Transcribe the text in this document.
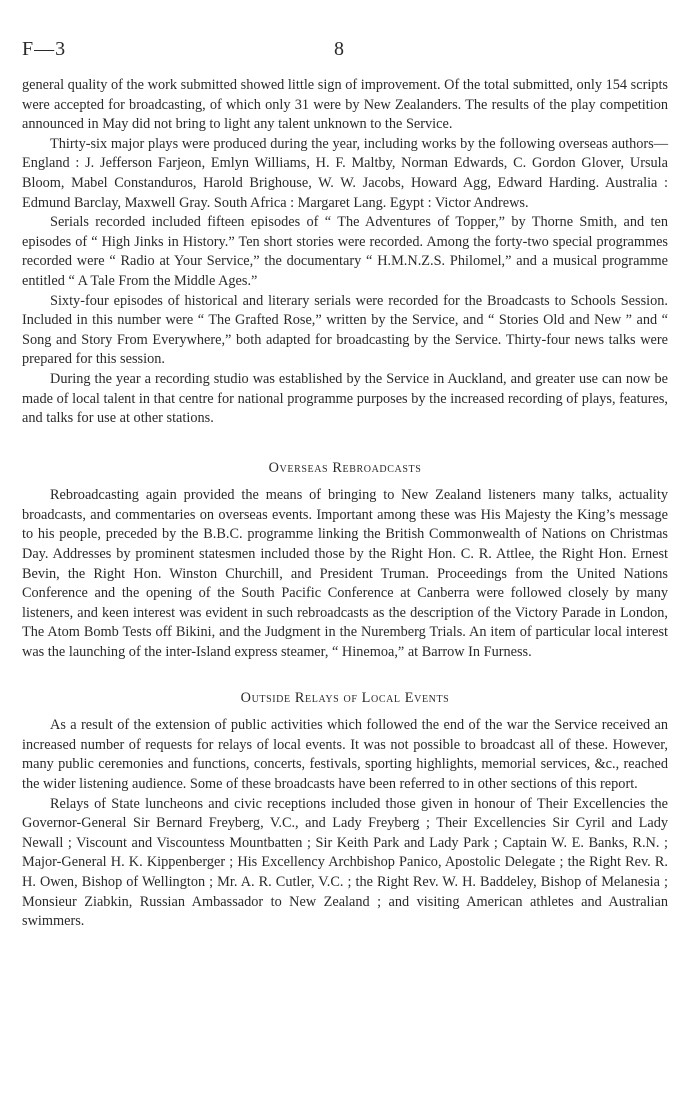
F—3	8

general quality of the work submitted showed little sign of improvement. Of the total submitted, only 154 scripts were accepted for broadcasting, of which only 31 were by New Zealanders. The results of the play competition announced in May did not bring to light any talent unknown to the Service.

Thirty-six major plays were produced during the year, including works by the following overseas authors—England : J. Jefferson Farjeon, Emlyn Williams, H. F. Maltby, Norman Edwards, C. Gordon Glover, Ursula Bloom, Mabel Constanduros, Harold Brighouse, W. W. Jacobs, Howard Agg, Edward Harding. Australia : Edmund Barclay, Maxwell Gray. South Africa : Margaret Lang. Egypt : Victor Andrews.

Serials recorded included fifteen episodes of “ The Adventures of Topper,” by Thorne Smith, and ten episodes of “ High Jinks in History.” Ten short stories were recorded. Among the forty-two special programmes recorded were “ Radio at Your Service,” the documentary “ H.M.N.Z.S. Philomel,” and a musical programme entitled “ A Tale From the Middle Ages.”

Sixty-four episodes of historical and literary serials were recorded for the Broadcasts to Schools Session. Included in this number were “ The Grafted Rose,” written by the Service, and “ Stories Old and New ” and “ Song and Story From Everywhere,” both adapted for broadcasting by the Service. Thirty-four news talks were prepared for this session.

During the year a recording studio was established by the Service in Auckland, and greater use can now be made of local talent in that centre for national programme purposes by the increased recording of plays, features, and talks for use at other stations.

Overseas Rebroadcasts

Rebroadcasting again provided the means of bringing to New Zealand listeners many talks, actuality broadcasts, and commentaries on overseas events. Important among these was His Majesty the King’s message to his people, preceded by the B.B.C. programme linking the British Commonwealth of Nations on Christmas Day. Addresses by prominent statesmen included those by the Right Hon. C. R. Attlee, the Right Hon. Ernest Bevin, the Right Hon. Winston Churchill, and President Truman. Proceedings from the United Nations Conference and the opening of the South Pacific Conference at Canberra were followed closely by many listeners, and keen interest was evident in such rebroadcasts as the description of the Victory Parade in London, The Atom Bomb Tests off Bikini, and the Judgment in the Nuremberg Trials. An item of particular local interest was the launching of the inter-Island express steamer, “ Hinemoa,” at Barrow In Furness.

Outside Relays of Local Events

As a result of the extension of public activities which followed the end of the war the Service received an increased number of requests for relays of local events. It was not possible to broadcast all of these. However, many public ceremonies and functions, concerts, festivals, sporting highlights, memorial services, &c., reached the wider listening audience. Some of these broadcasts have been referred to in other sections of this report.

Relays of State luncheons and civic receptions included those given in honour of Their Excellencies the Governor-General Sir Bernard Freyberg, V.C., and Lady Freyberg ; Their Excellencies Sir Cyril and Lady Newall ; Viscount and Viscountess Mountbatten ; Sir Keith Park and Lady Park ; Captain W. E. Banks, R.N. ; Major-General H. K. Kippenberger ; His Excellency Archbishop Panico, Apostolic Delegate ; the Right Rev. R. H. Owen, Bishop of Wellington ; Mr. A. R. Cutler, V.C. ; the Right Rev. W. H. Baddeley, Bishop of Melanesia ; Monsieur Ziabkin, Russian Ambassador to New Zealand ; and visiting American athletes and Australian swimmers.
